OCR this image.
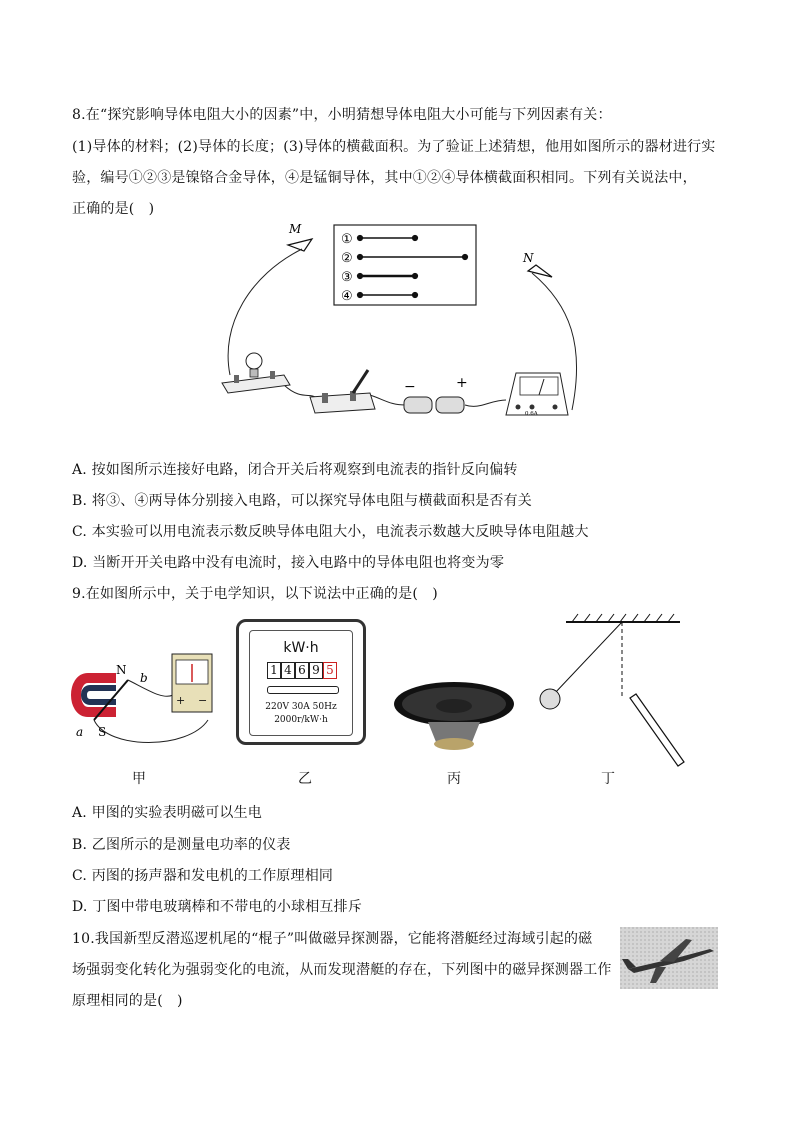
8.在“探究影响导体电阻大小的因素”中，小明猜想导体电阻大小可能与下列因素有关：
(1)导体的材料；(2)导体的长度；(3)导体的横截面积。为了验证上述猜想，他用如图所示的器材进行实
验，编号①②③是镍铬合金导体，④是锰铜导体，其中①②④导体横截面积相同。下列有关说法中，
正确的是(　)
①
②
③
④
M
N
−	+
0.6A
A. 按如图所示连接好电路，闭合开关后将观察到电流表的指针反向偏转
B. 将③、④两导体分别接入电路，可以探究导体电阻与横截面积是否有关
C. 本实验可以用电流表示数反映导体电阻大小，电流表示数越大反映导体电阻越大
D. 当断开开关电路中没有电流时，接入电路中的导体电阻也将变为零
9.在如图所示中，关于电学知识，以下说法中正确的是(　)
N
S
a
b
+ −
kW·h
1 4 6 9 5
220V 30A 50Hz
2000r/kW·h
甲	乙	丙	丁
A. 甲图的实验表明磁可以生电
B. 乙图所示的是测量电功率的仪表
C. 丙图的扬声器和发电机的工作原理相同
D. 丁图中带电玻璃棒和不带电的小球相互排斥
10.我国新型反潜巡逻机尾的“棍子”叫做磁异探测器，它能将潜艇经过海域引起的磁
场强弱变化转化为强弱变化的电流，从而发现潜艇的存在，下列图中的磁异探测器工作
原理相同的是(　)
